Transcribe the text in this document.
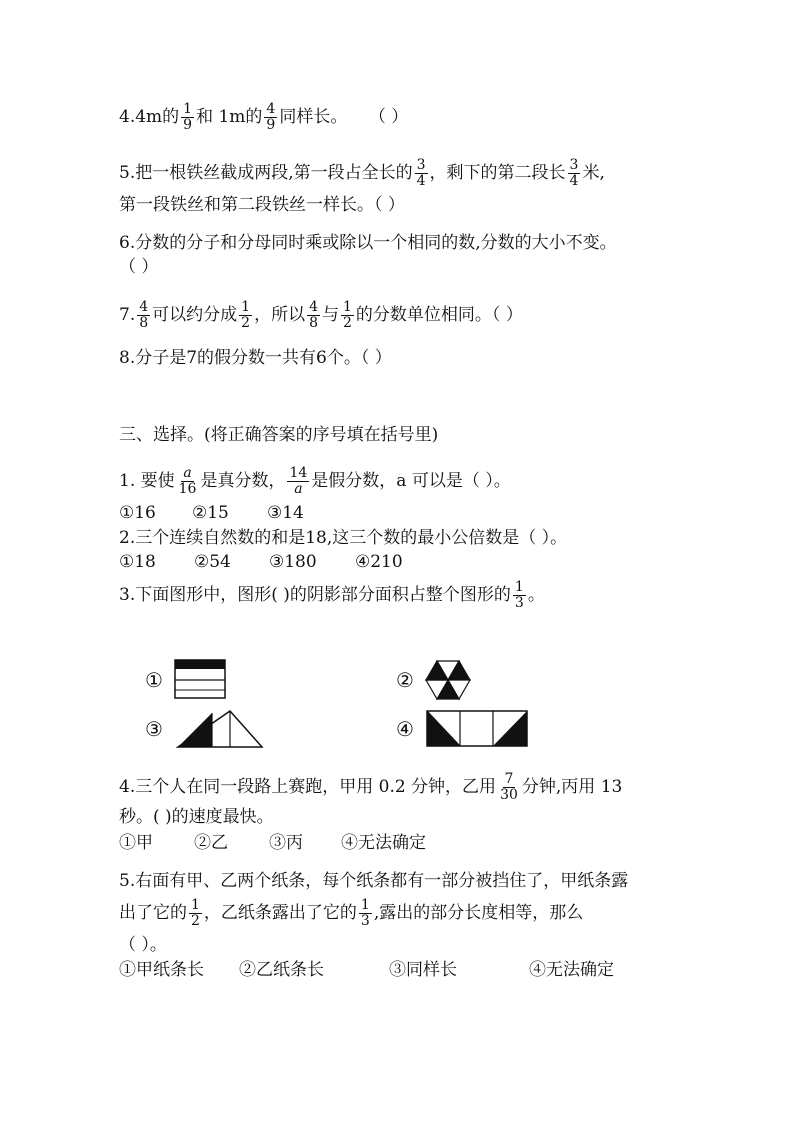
4.4m的 $\frac{1}{9}$ 和 1m的 $\frac{4}{9}$ 同样长。 （ ）
5.把一根铁丝截成两段,第一段占全长的 $\frac{3}{4}$ ，剩下的第二段长 $\frac{3}{4}$ 米,
第一段铁丝和第二段铁丝一样长。（ ）
6.分数的分子和分母同时乘或除以一个相同的数,分数的大小不变。
（ ）
7. $\frac{4}{8}$ 可以约分成 $\frac{1}{2}$ ，所以 $\frac{4}{8}$ 与 $\frac{1}{2}$ 的分数单位相同。（ ）
8.分子是7的假分数一共有6个。（ ）
三、选择。(将正确答案的序号填在括号里)
1. 要使 $\frac{a}{16}$ 是真分数， $\frac{14}{a}$ 是假分数，a 可以是（ ）。
①16 ②15 ③14
2.三个连续自然数的和是18,这三个数的最小公倍数是（ ）。
①18 ②54 ③180 ④210
3.下面图形中，图形( )的阴影部分面积占整个图形的 $\frac{1}{3}$ 。
①	②
③	④
4.三个人在同一段路上赛跑，甲用 0.2 分钟，乙用 $\frac{7}{30}$ 分钟,丙用 13
秒。( )的速度最快。
①甲 ②乙 ③丙 ④无法确定
5.右面有甲、乙两个纸条，每个纸条都有一部分被挡住了，甲纸条露
出了它的 $\frac{1}{2}$ ，乙纸条露出了它的 $\frac{1}{3}$ ,露出的部分长度相等，那么
（ ）。
①甲纸条长 ②乙纸条长	③同样长	④无法确定
